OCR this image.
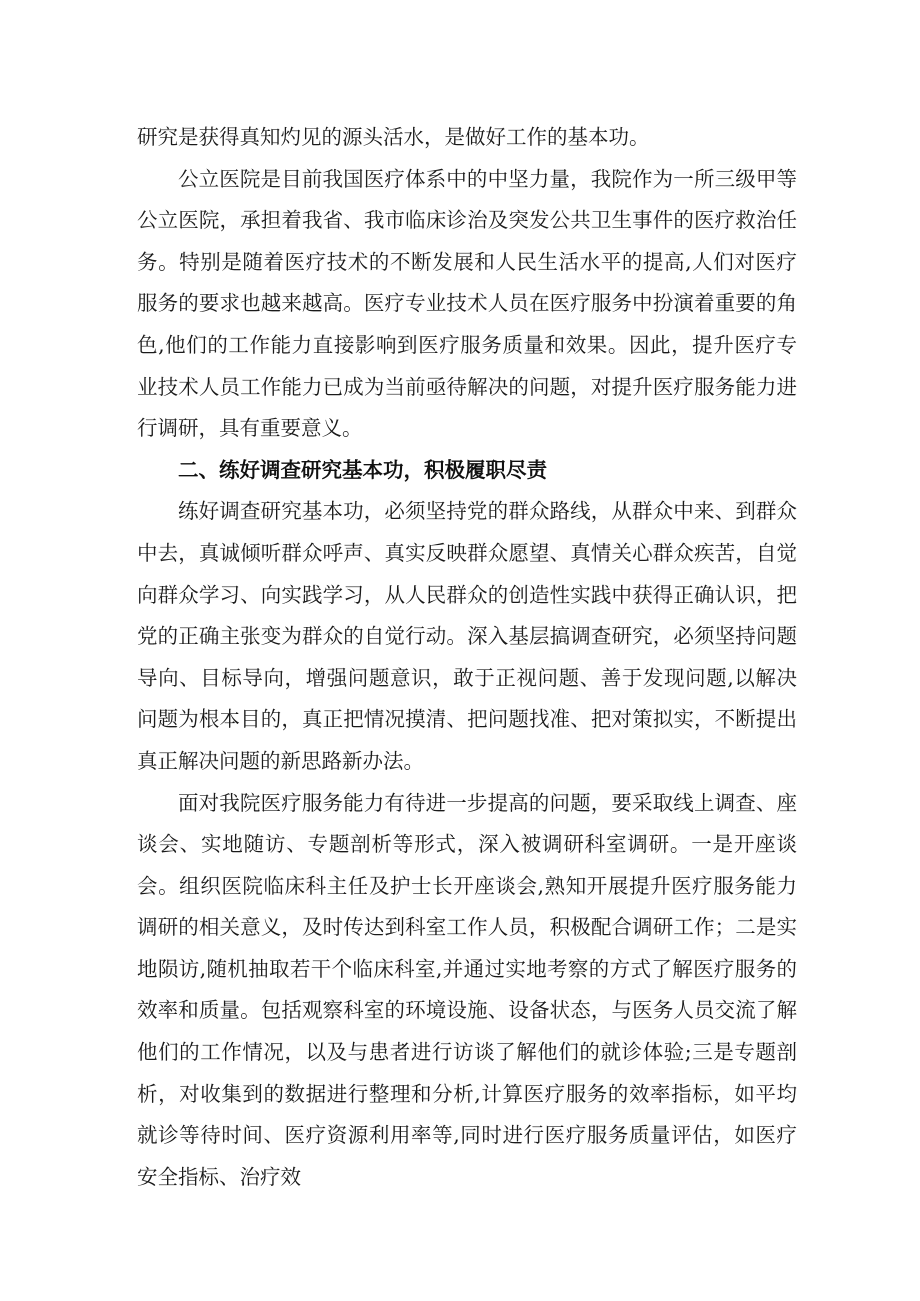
研究是获得真知灼见的源头活水，是做好工作的基本功。

公立医院是目前我国医疗体系中的中坚力量，我院作为一所三级甲等公立医院，承担着我省、我市临床诊治及突发公共卫生事件的医疗救治任务。特别是随着医疗技术的不断发展和人民生活水平的提高,人们对医疗服务的要求也越来越高。医疗专业技术人员在医疗服务中扮演着重要的角色,他们的工作能力直接影响到医疗服务质量和效果。因此，提升医疗专业技术人员工作能力已成为当前亟待解决的问题，对提升医疗服务能力进行调研，具有重要意义。

二、练好调查研究基本功，积极履职尽责

练好调查研究基本功，必须坚持党的群众路线，从群众中来、到群众中去，真诚倾听群众呼声、真实反映群众愿望、真情关心群众疾苦，自觉向群众学习、向实践学习，从人民群众的创造性实践中获得正确认识，把党的正确主张变为群众的自觉行动。深入基层搞调查研究，必须坚持问题导向、目标导向，增强问题意识，敢于正视问题、善于发现问题,以解决问题为根本目的，真正把情况摸清、把问题找准、把对策拟实，不断提出真正解决问题的新思路新办法。

面对我院医疗服务能力有待进一步提高的问题，要采取线上调查、座谈会、实地随访、专题剖析等形式，深入被调研科室调研。一是开座谈会。组织医院临床科主任及护士长开座谈会,熟知开展提升医疗服务能力调研的相关意义，及时传达到科室工作人员，积极配合调研工作；二是实地陨访,随机抽取若干个临床科室,并通过实地考察的方式了解医疗服务的效率和质量。包括观察科室的环境设施、设备状态，与医务人员交流了解他们的工作情况，以及与患者进行访谈了解他们的就诊体验;三是专题剖析，对收集到的数据进行整理和分析,计算医疗服务的效率指标，如平均就诊等待时间、医疗资源利用率等,同时进行医疗服务质量评估，如医疗安全指标、治疗效
